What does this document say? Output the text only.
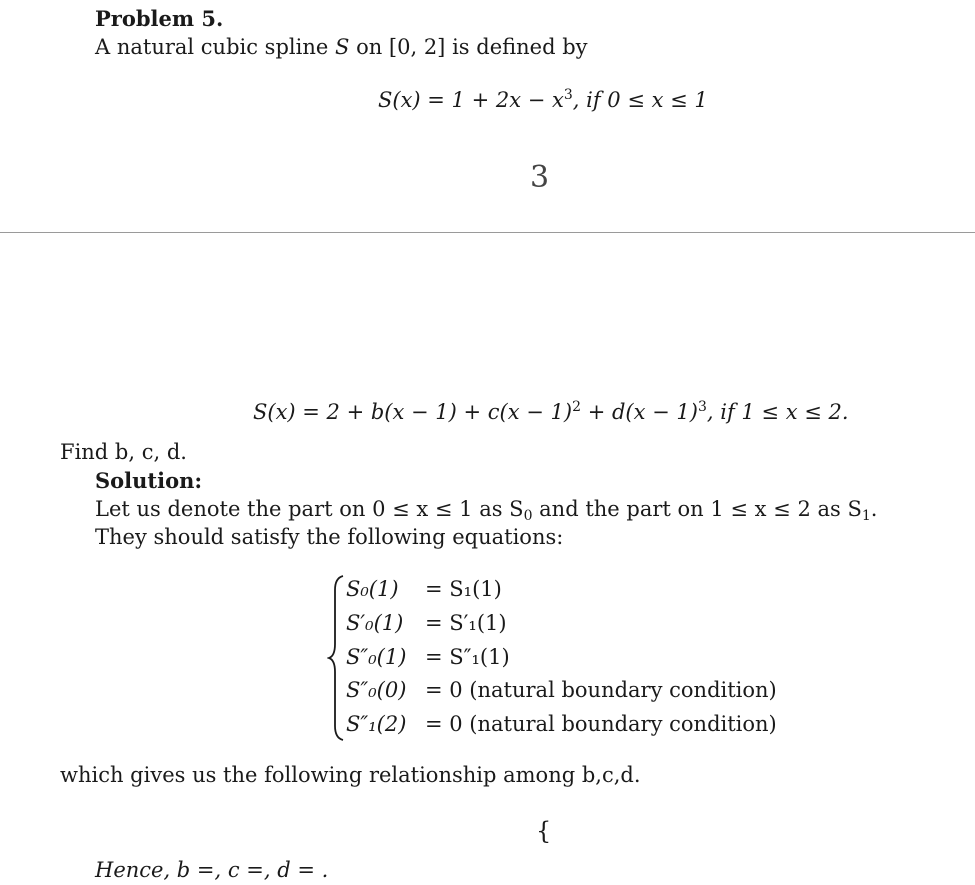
Problem 5.
A natural cubic spline S on [0, 2] is defined by
$S(x) = 1 + 2x - x^3$, if 0 ≤ x ≤ 1
3
$S(x) = 2 + b(x - 1) + c(x - 1)^2 + d(x - 1)^3$, if 1 ≤ x ≤ 2.
Find b, c, d.
Solution:
Let us denote the part on 0 ≤ x ≤ 1 as $S_0$ and the part on 1 ≤ x ≤ 2 as $S_1$.
They should satisfy the following equations:
S₀(1) = S₁(1)
S′₀(1) = S′₁(1)
S″₀(1) = S″₁(1)
S″₀(0) = 0 (natural boundary condition)
S″₁(2) = 0 (natural boundary condition)
which gives us the following relationship among b,c,d.
{
Hence, b =, c =, d = .
